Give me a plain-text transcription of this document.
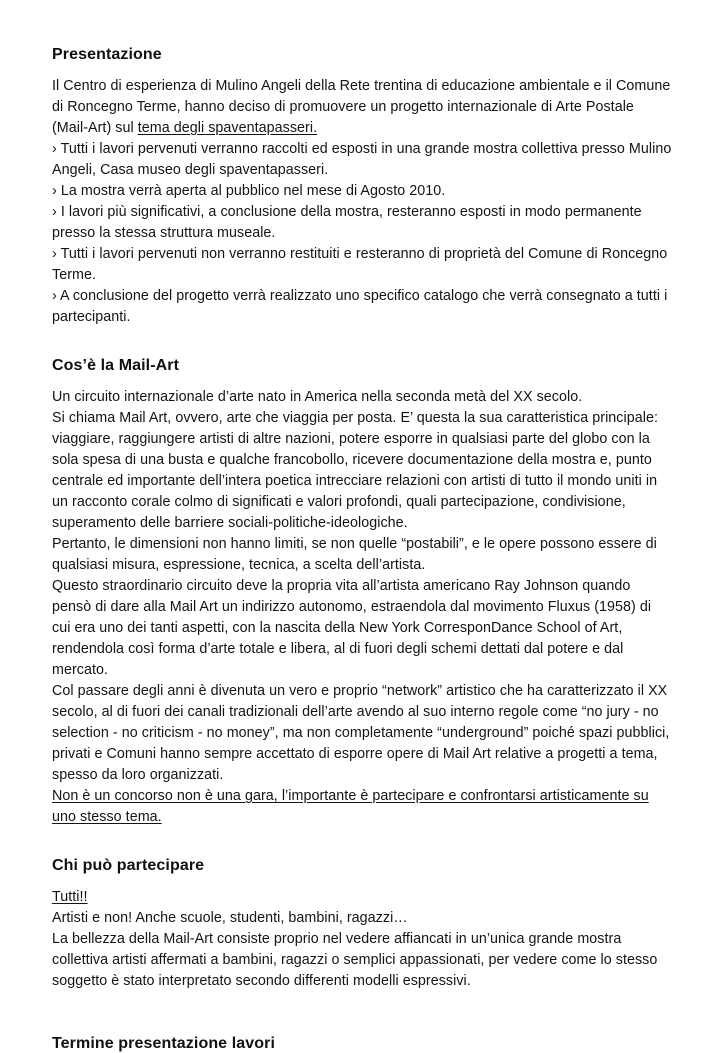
Presentazione

Il Centro di esperienza di Mulino Angeli della Rete trentina di educazione ambientale e il Comune di Roncegno Terme, hanno deciso di promuovere un progetto internazionale di Arte Postale (Mail-Art) sul tema degli spaventapasseri.

› Tutti i lavori pervenuti verranno raccolti ed esposti in una grande mostra collettiva presso Mulino Angeli, Casa museo degli spaventapasseri.

› La mostra verrà aperta al pubblico nel mese di Agosto 2010.

› I lavori più significativi, a conclusione della mostra, resteranno esposti in modo permanente presso la stessa struttura museale.

› Tutti i lavori pervenuti non verranno restituiti e resteranno di proprietà del Comune di Roncegno Terme.

› A conclusione del progetto verrà realizzato uno specifico catalogo che verrà consegnato a tutti i partecipanti.

Cos’è la Mail-Art

Un circuito internazionale d’arte nato in America nella seconda metà del XX secolo.

Si chiama Mail Art, ovvero, arte che viaggia per posta. E’ questa la sua caratteristica principale: viaggiare, raggiungere artisti di altre nazioni, potere esporre in qualsiasi parte del globo con la sola spesa di una busta e qualche francobollo, ricevere documentazione della mostra e, punto centrale ed importante dell’intera poetica intrecciare relazioni con artisti di tutto il mondo uniti in un racconto corale colmo di significati e valori profondi, quali partecipazione, condivisione, superamento delle barriere sociali-politiche-ideologiche.

Pertanto, le dimensioni non hanno limiti, se non quelle “postabili”, e le opere possono essere di qualsiasi misura, espressione, tecnica, a scelta dell’artista.

Questo straordinario circuito deve la propria vita all’artista americano Ray Johnson quando pensò di dare alla Mail Art un indirizzo autonomo, estraendola dal movimento Fluxus (1958) di cui era uno dei tanti aspetti, con la nascita della New York CorresponDance School of Art, rendendola così forma d’arte totale e libera, al di fuori degli schemi dettati dal potere e dal mercato.

Col passare degli anni è divenuta un vero e proprio “network” artistico che ha caratterizzato il XX secolo, al di fuori dei canali tradizionali dell’arte avendo al suo interno regole come “no jury - no selection - no criticism - no money”, ma non completamente “underground” poiché spazi pubblici, privati e Comuni hanno sempre accettato di esporre opere di Mail Art relative a progetti a tema, spesso da loro organizzati.

Non è un concorso non è una gara, l’importante è partecipare e confrontarsi artisticamente su uno stesso tema.

Chi può partecipare

Tutti!!

Artisti e non! Anche scuole, studenti, bambini, ragazzi…

La bellezza della Mail-Art consiste proprio nel vedere affiancati in un’unica grande mostra collettiva artisti affermati a bambini, ragazzi o semplici appassionati, per vedere come lo stesso soggetto è stato interpretato secondo differenti modelli espressivi.

Termine presentazione lavori
